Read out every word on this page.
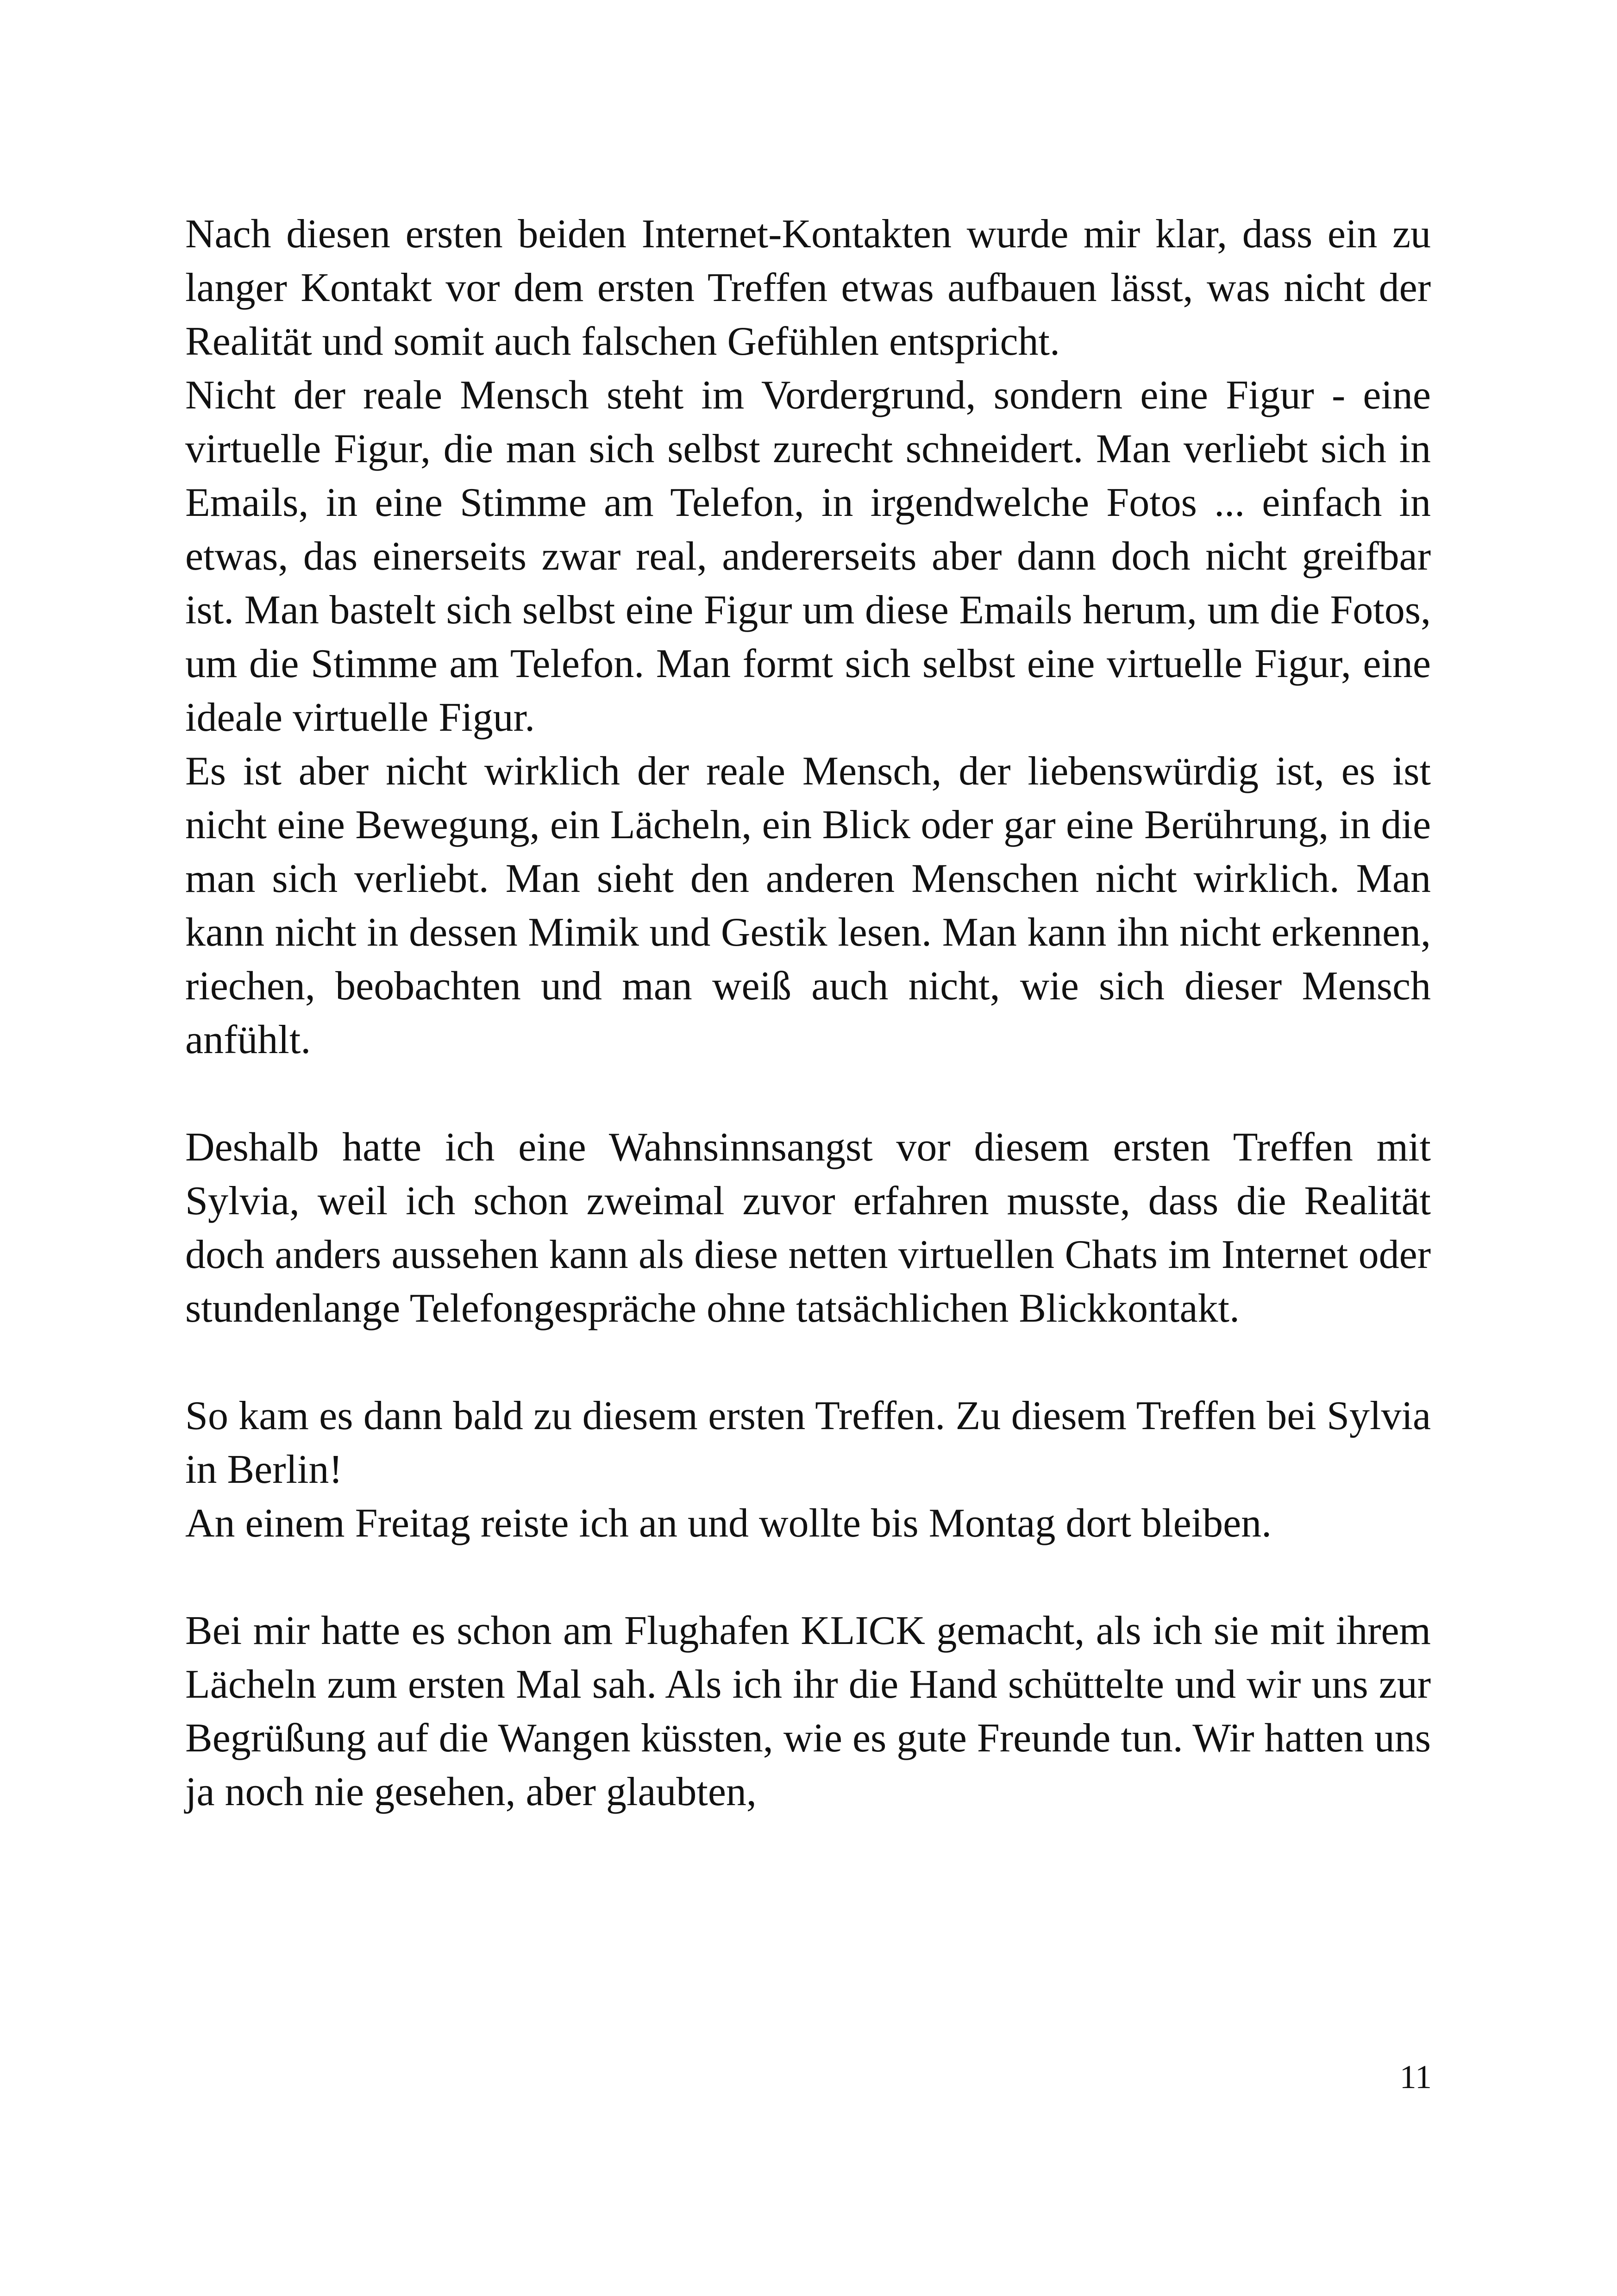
Nach diesen ersten beiden Internet-Kontakten wurde mir klar, dass ein zu langer Kontakt vor dem ersten Treffen etwas aufbauen lässt, was nicht der Realität und somit auch falschen Gefühlen entspricht.

Nicht der reale Mensch steht im Vordergrund, sondern eine Figur - eine virtuelle Figur, die man sich selbst zurecht schneidert. Man verliebt sich in Emails, in eine Stimme am Telefon, in irgendwelche Fotos ... einfach in etwas, das einerseits zwar real, andererseits aber dann doch nicht greifbar ist. Man bastelt sich selbst eine Figur um diese Emails herum, um die Fotos, um die Stimme am Telefon. Man formt sich selbst eine virtuelle Figur, eine ideale virtuelle Figur.

Es ist aber nicht wirklich der reale Mensch, der liebenswürdig ist, es ist nicht eine Bewegung, ein Lächeln, ein Blick oder gar eine Berührung, in die man sich verliebt. Man sieht den anderen Menschen nicht wirklich. Man kann nicht in dessen Mimik und Gestik lesen. Man kann ihn nicht erkennen, riechen, beobachten und man weiß auch nicht, wie sich dieser Mensch anfühlt.

Deshalb hatte ich eine Wahnsinnsangst vor diesem ersten Treffen mit Sylvia, weil ich schon zweimal zuvor erfahren musste, dass die Realität doch anders aussehen kann als diese netten virtuellen Chats im Internet oder stundenlange Telefongespräche ohne tatsächlichen Blickkontakt.

So kam es dann bald zu diesem ersten Treffen. Zu diesem Treffen bei Sylvia in Berlin!

An einem Freitag reiste ich an und wollte bis Montag dort bleiben.

Bei mir hatte es schon am Flughafen KLICK gemacht, als ich sie mit ihrem Lächeln zum ersten Mal sah. Als ich ihr die Hand schüttelte und wir uns zur Begrüßung auf die Wangen küssten, wie es gute Freunde tun. Wir hatten uns ja noch nie gesehen, aber glaubten,

11
